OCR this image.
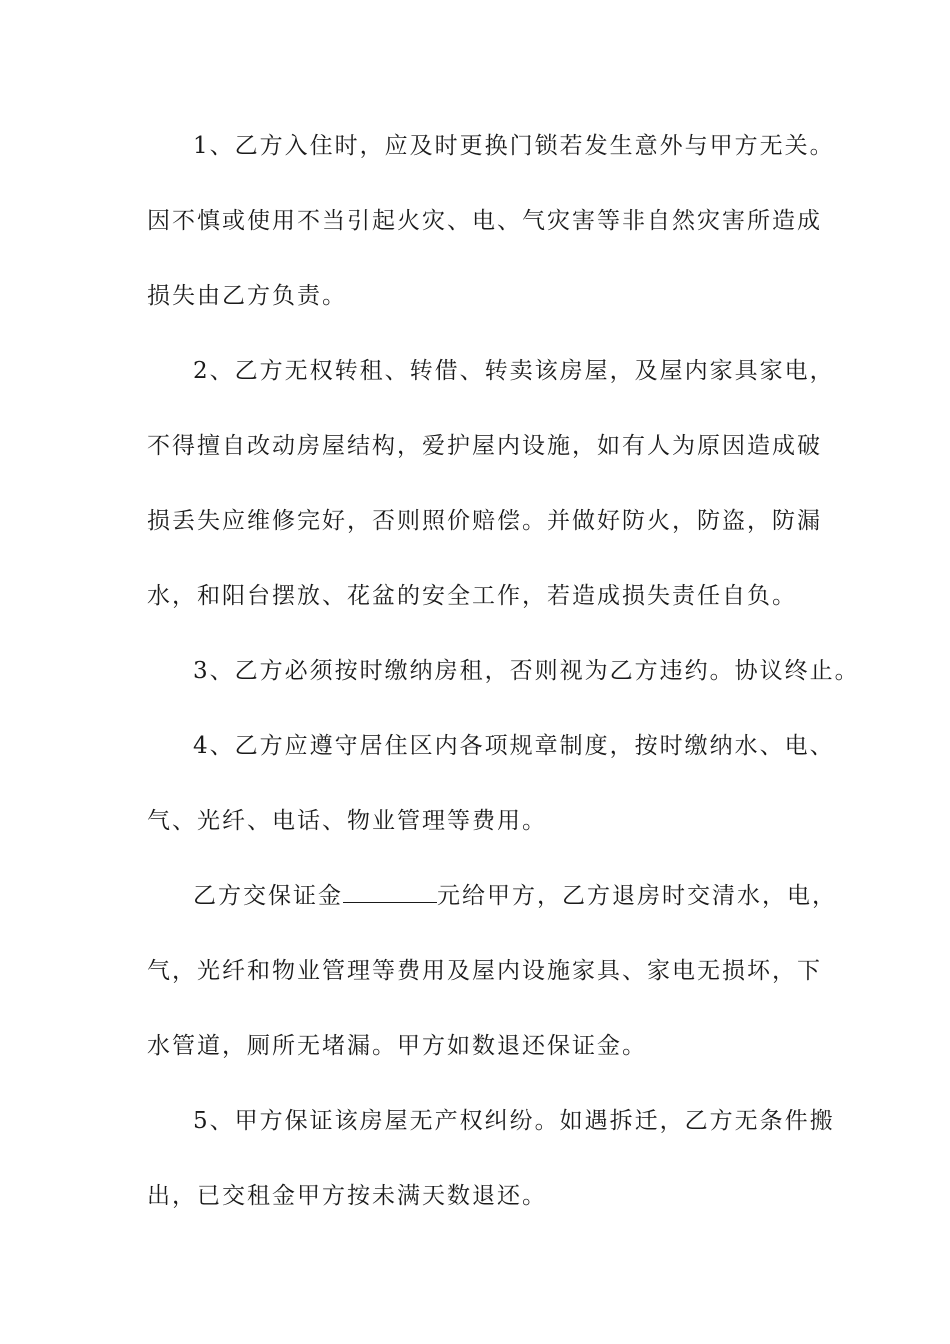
1、乙方入住时，应及时更换门锁若发生意外与甲方无关。

因不慎或使用不当引起火灾、电、气灾害等非自然灾害所造成

损失由乙方负责。

2、乙方无权转租、转借、转卖该房屋，及屋内家具家电，

不得擅自改动房屋结构，爱护屋内设施，如有人为原因造成破

损丢失应维修完好，否则照价赔偿。并做好防火，防盗，防漏

水，和阳台摆放、花盆的安全工作，若造成损失责任自负。

3、乙方必须按时缴纳房租，否则视为乙方违约。协议终止。

4、乙方应遵守居住区内各项规章制度，按时缴纳水、电、

气、光纤、电话、物业管理等费用。

乙方交保证金	元给甲方，乙方退房时交清水，电，

气，光纤和物业管理等费用及屋内设施家具、家电无损坏，下

水管道，厕所无堵漏。甲方如数退还保证金。

5、甲方保证该房屋无产权纠纷。如遇拆迁，乙方无条件搬

出，已交租金甲方按未满天数退还。
